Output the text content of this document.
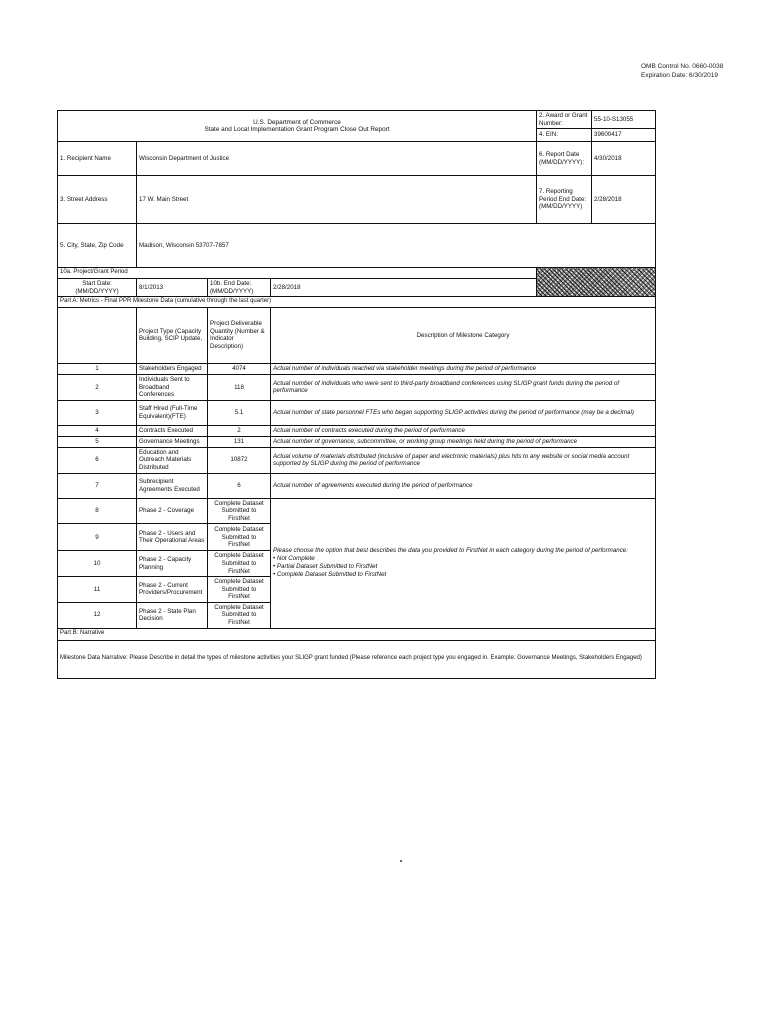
OMB Control No. 0660-0038
Expiration Date: 6/30/2019
U.S. Department of Commerce
State and Local Implementation Grant Program Close Out Report				2. Award or Grant Number:	55-10-S13055
				4. EIN:	39600417
1. Recipient Name	Wisconsin Department of Justice			6. Report Date (MM/DD/YYYY):	4/30/2018
3. Street Address	17 W. Main Street			7. Reporting Period End Date: (MM/DD/YYYY)	2/28/2018
5. City, State, Zip Code	Madison, Wisconsin 53707-7857				
10a. Project/Grant Period					
Start Date: (MM/DD/YYYY)	8/1/2013	10b. End Date: (MM/DD/YYYY)	2/28/2018		
Part A: Metrics - Final PPR Milestone Data (cumulative through the last quarter)					
	Project Type (Capacity Building, SCIP Update,	Project Deliverable Quantity (Number & Indicator Description)	Description of Milestone Category		
1	Stakeholders Engaged	4074	Actual number of individuals reached via stakeholder meetings during the period of performance		
2	Individuals Sent to Broadband Conferences	118	Actual number of individuals who were sent to third-party broadband conferences using SLIGP grant funds during the period of performance		
3	Staff Hired (Full-Time Equivalent)(FTE)	5.1	Actual number of state personnel FTEs who began supporting SLIGP activities during the period of performance (may be a decimal)		
4	Contracts Executed	2	Actual number of contracts executed during the period of performance		
5	Governance Meetings	131	Actual number of governance, subcommittee, or working group meetings held during the period of performance		
6	Education and Outreach Materials Distributed	10872	Actual volume of materials distributed (inclusive of paper and electronic materials) plus hits to any website or social media account supported by SLIGP during the period of performance		
7	Subrecipient Agreements Executed	6	Actual number of agreements executed during the period of performance		
8	Phase 2 - Coverage	Complete Dataset Submitted to FirstNet	Please choose the option that best describes the data you provided to FirstNet in each category during the period of performance:
• Not Complete
• Partial Dataset Submitted to FirstNet
• Complete Dataset Submitted to FirstNet		

9	Phase 2 - Users and Their Operational Areas	Complete Dataset Submitted to FirstNet			
10	Phase 2 - Capacity Planning	Complete Dataset Submitted to FirstNet			
11	Phase 2 - Current Providers/Procurement	Complete Dataset Submitted to FirstNet			
12	Phase 2 - State Plan Decision	Complete Dataset Submitted to FirstNet			
Part B: Narrative					
Milestone Data Narrative: Please Describe in detail the types of milestone activities your SLIGP grant funded (Please reference each project type you engaged in. Example: Governance Meetings, Stakeholders Engaged)					
